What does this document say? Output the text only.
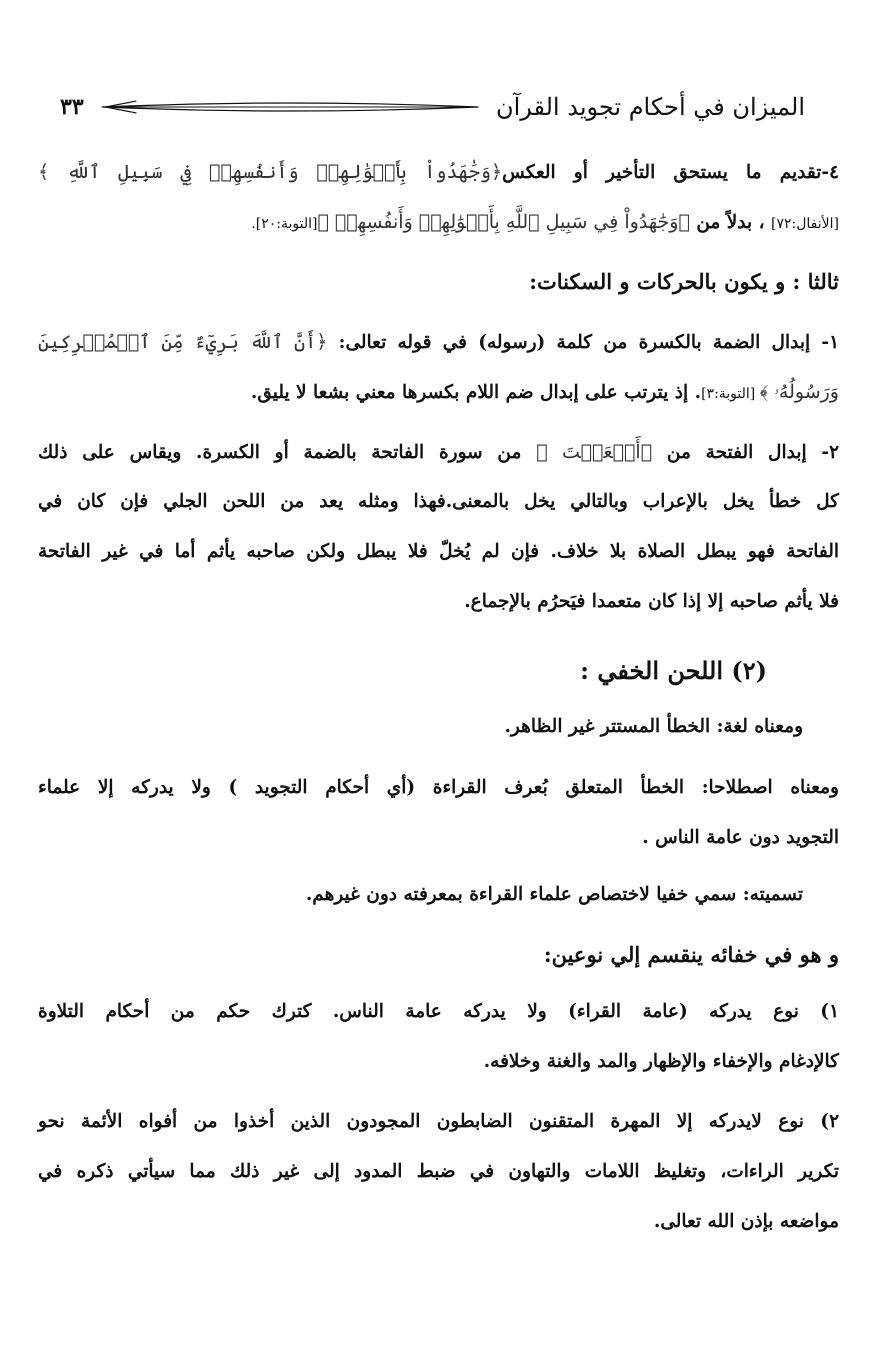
الميزان في أحكام تجويد القرآن
٣٣
٤-تقديم ما يستحق التأخير أو العكس﴿وَجَٰهَدُواْ بِأَمۡوَٰلِهِمۡ وَأَنفُسِهِمۡ فِي سَبِيلِ ٱللَّهِ ﴾
[الأنفال:٧٢] ، بدلاً من ﴿وَجَٰهَدُواْ فِي سَبِيلِ ٱللَّهِ بِأَمۡوَٰلِهِمۡ وَأَنفُسِهِمۡ ﴾[التوبة:٢٠].
ثالثا : و يكون بالحركات و السكنات:
١- إبدال الضمة بالكسرة من كلمة (رسوله) في قوله تعالى: ﴿أَنَّ ٱللَّهَ بَرِيٓءٌ مِّنَ ٱلۡمُشۡرِكِينَ
وَرَسُولُهُۥ ﴾ [التوبة:٣]. إذ يترتب على إبدال ضم اللام بكسرها معني بشعا لا يليق.
٢- إبدال الفتحة من ﴿أَنۡعَمۡتَ ﴾ من سورة الفاتحة بالضمة أو الكسرة. ويقاس على ذلك
كل خطأ يخل بالإعراب وبالتالي يخل بالمعنى.فهذا ومثله يعد من اللحن الجلي فإن كان في
الفاتحة فهو يبطل الصلاة بلا خلاف. فإن لم يُخلّ فلا يبطل ولكن صاحبه يأثم أما في غير الفاتحة
فلا يأثم صاحبه إلا إذا كان متعمدا فيَحرُم بالإجماع.
(٢) اللحن الخفي :
ومعناه لغة: الخطأ المستتر غير الظاهر.
ومعناه اصطلاحا: الخطأ المتعلق بُعرف القراءة (أي أحكام التجويد ) ولا يدركه إلا علماء
التجويد دون عامة الناس .
تسميته: سمي خفيا لاختصاص علماء القراءة بمعرفته دون غيرهم.
و هو في خفائه ينقسم إلي نوعين:
١) نوع يدركه (عامة القراء) ولا يدركه عامة الناس. كترك حكم من أحكام التلاوة
كالإدغام والإخفاء والإظهار والمد والغنة وخلافه.
٢) نوع لايدركه إلا المهرة المتقنون الضابطون المجودون الذين أخذوا من أفواه الأئمة نحو
تكرير الراءات، وتغليظ اللامات والتهاون في ضبط المدود إلى غير ذلك مما سيأتي ذكره في
مواضعه بإذن الله تعالى.
